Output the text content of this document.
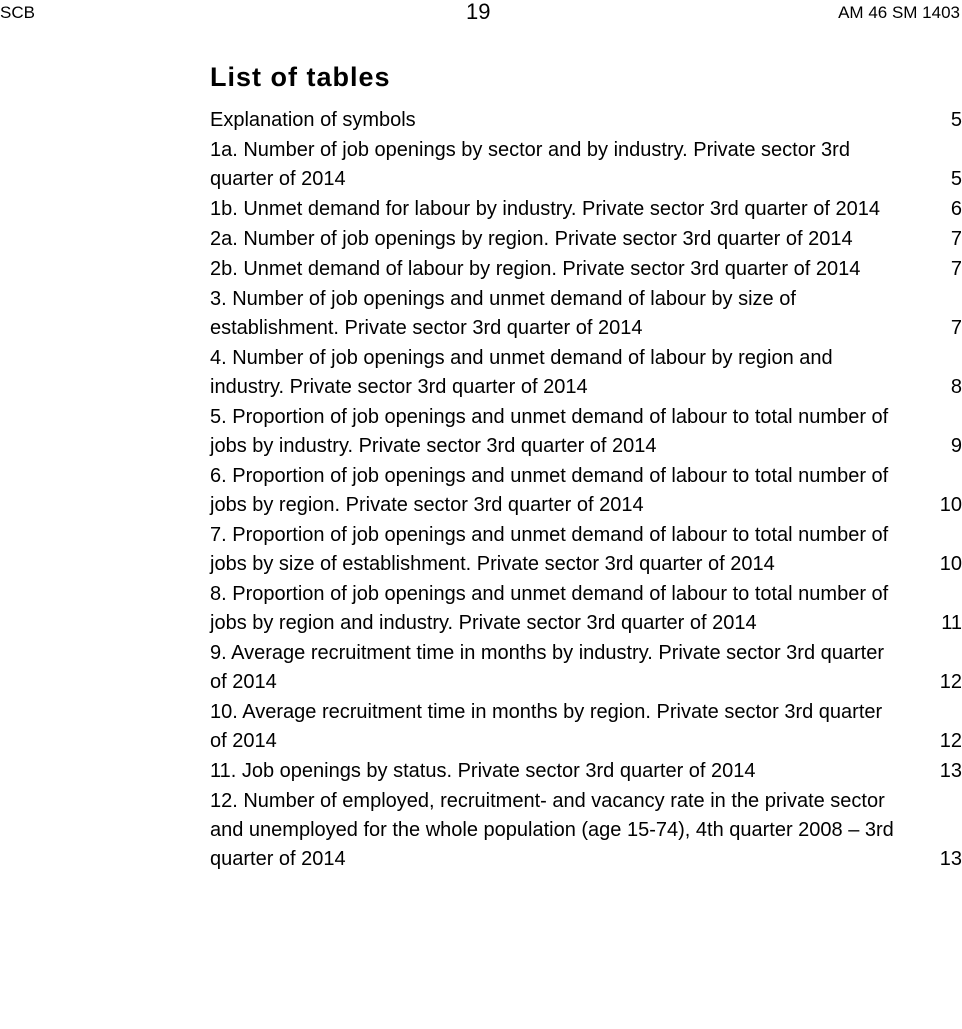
SCB	19	AM 46 SM 1403
List of tables
Explanation of symbols	5
1a. Number of job openings by sector and by industry. Private sector 3rd quarter of 2014	5
1b. Unmet demand for labour by industry. Private sector 3rd quarter of 2014	6
2a. Number of job openings by region. Private sector 3rd quarter of 2014	7
2b. Unmet demand of labour by region. Private sector 3rd quarter of 2014	7
3. Number of job openings and unmet demand of labour by size of establishment. Private sector 3rd quarter of 2014	7
4. Number of job openings and unmet demand of labour by region and industry. Private sector 3rd quarter of 2014	8
5. Proportion of job openings and unmet demand of labour to total number of jobs by industry. Private sector 3rd quarter of 2014	9
6. Proportion of job openings and unmet demand of labour to total number of jobs by region. Private sector 3rd quarter of 2014	10
7. Proportion of job openings and unmet demand of labour to total number of jobs by size of establishment. Private sector 3rd quarter of 2014	10
8. Proportion of job openings and unmet demand of labour to total number of jobs by region and industry. Private sector 3rd quarter of 2014	11
9. Average recruitment time in months by industry. Private sector 3rd quarter of 2014	12
10. Average recruitment time in months by region. Private sector 3rd quarter of 2014	12
11. Job openings by status. Private sector 3rd quarter of 2014	13
12. Number of employed, recruitment- and vacancy rate in the private sector and unemployed for the whole population (age 15-74), 4th quarter 2008 – 3rd quarter of 2014	13
